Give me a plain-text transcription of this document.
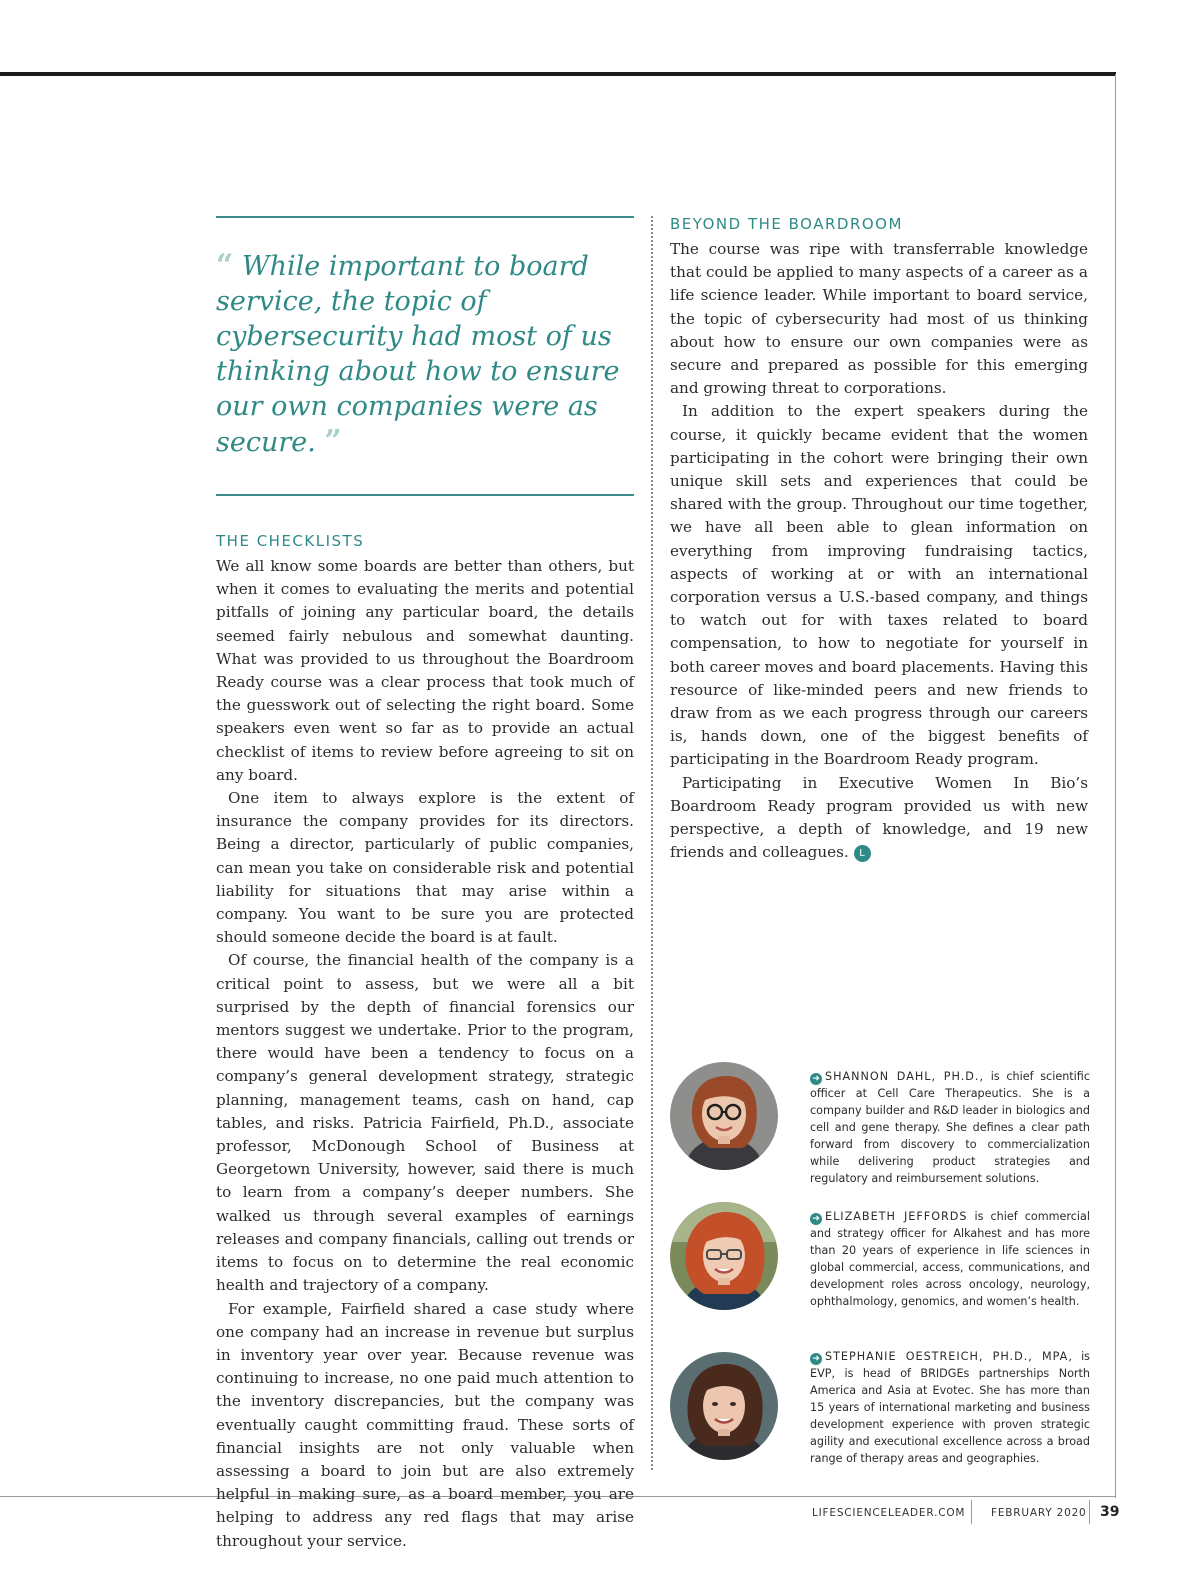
“ While important to board service, the topic of cybersecurity had most of us thinking about how to ensure our own companies were as secure. ”
THE CHECKLISTS

We all know some boards are better than others, but when it comes to evaluating the merits and potential pitfalls of joining any particular board, the details seemed fairly nebulous and somewhat daunting. What was provided to us throughout the Boardroom Ready course was a clear process that took much of the guesswork out of selecting the right board. Some speakers even went so far as to provide an actual checklist of items to review before agreeing to sit on any board.

One item to always explore is the extent of insurance the company provides for its directors. Being a director, particularly of public companies, can mean you take on considerable risk and potential liability for situations that may arise within a company. You want to be sure you are protected should someone decide the board is at fault.

Of course, the financial health of the company is a critical point to assess, but we were all a bit surprised by the depth of financial forensics our mentors suggest we undertake. Prior to the program, there would have been a tendency to focus on a company’s general development strategy, strategic planning, management teams, cash on hand, cap tables, and risks. Patricia Fairfield, Ph.D., associate professor, McDonough School of Business at Georgetown University, however, said there is much to learn from a company’s deeper numbers. She walked us through several examples of earnings releases and company financials, calling out trends or items to focus on to determine the real economic health and trajectory of a company.

For example, Fairfield shared a case study where one company had an increase in revenue but surplus in inventory year over year. Because revenue was continuing to increase, no one paid much attention to the inventory discrepancies, but the company was eventually caught committing fraud. These sorts of financial insights are not only valuable when assessing a board to join but are also extremely helpful in making sure, as a board member, you are helping to address any red flags that may arise throughout your service.

BEYOND THE BOARDROOM

The course was ripe with transferrable knowledge that could be applied to many aspects of a career as a life science leader. While important to board service, the topic of cybersecurity had most of us thinking about how to ensure our own companies were as secure and prepared as possible for this emerging and growing threat to corporations.

In addition to the expert speakers during the course, it quickly became evident that the women participating in the cohort were bringing their own unique skill sets and experiences that could be shared with the group. Throughout our time together, we have all been able to glean information on everything from improving fundraising tactics, aspects of working at or with an international corporation versus a U.S.-based company, and things to watch out for with taxes related to board compensation, to how to negotiate for yourself in both career moves and board placements. Having this resource of like-minded peers and new friends to draw from as we each progress through our careers is, hands down, one of the biggest benefits of participating in the Boardroom Ready program.

Participating in Executive Women In Bio’s Boardroom Ready program provided us with new perspective, a depth of knowledge, and 19 new friends and colleagues. L

➜ SHANNON DAHL, PH.D., is chief scientific officer at Cell Care Therapeutics. She is a company builder and R&D leader in biologics and cell and gene therapy. She defines a clear path forward from discovery to commercialization while delivering product strategies and regulatory and reimbursement solutions.
➜ ELIZABETH JEFFORDS is chief commercial and strategy officer for Alkahest and has more than 20 years of experience in life sciences in global commercial, access, communications, and development roles across oncology, neurology, ophthalmology, genomics, and women’s health.
➜ STEPHANIE OESTREICH, PH.D., MPA, is EVP, is head of BRIDGEs partnerships North America and Asia at Evotec. She has more than 15 years of international marketing and business development experience with proven strategic agility and executional excellence across a broad range of therapy areas and geographies.
LIFESCIENCELEADER.COM FEBRUARY 2020 39
